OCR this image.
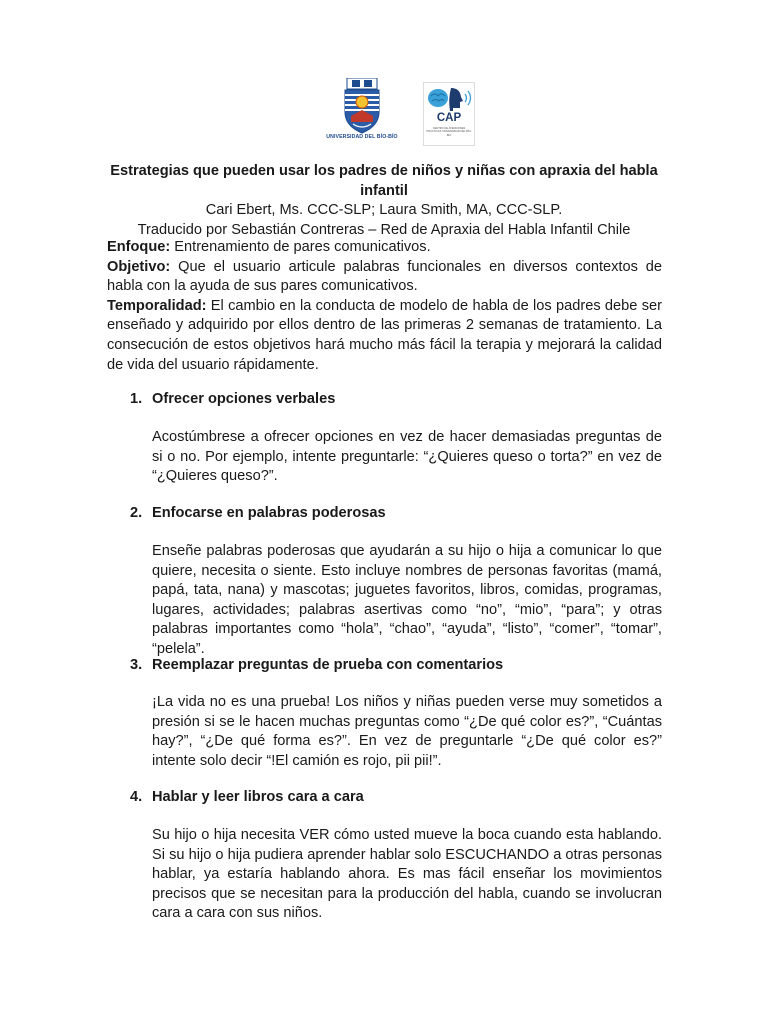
UNIVERSIDAD DEL BÍO-BÍO
CAP
CENTRO DE ATENCIONES PRÁCTICAS UNIVERSIDAD DEL BÍO-BÍO

Estrategias que pueden usar los padres de niños y niñas con apraxia del habla infantil

Cari Ebert, Ms. CCC-SLP; Laura Smith, MA, CCC-SLP.

Traducido por Sebastián Contreras – Red de Apraxia del Habla Infantil Chile

Enfoque: Entrenamiento de pares comunicativos.

Objetivo: Que el usuario articule palabras funcionales en diversos contextos de habla con la ayuda de sus pares comunicativos.

Temporalidad: El cambio en la conducta de modelo de habla de los padres debe ser enseñado y adquirido por ellos dentro de las primeras 2 semanas de tratamiento. La consecución de estos objetivos hará mucho más fácil la terapia y mejorará la calidad de vida del usuario rápidamente.

1. Ofrecer opciones verbales

Acostúmbrese a ofrecer opciones en vez de hacer demasiadas preguntas de si o no. Por ejemplo, intente preguntarle: “¿Quieres queso o torta?” en vez de “¿Quieres queso?”.

2. Enfocarse en palabras poderosas

Enseñe palabras poderosas que ayudarán a su hijo o hija a comunicar lo que quiere, necesita o siente. Esto incluye nombres de personas favoritas (mamá, papá, tata, nana) y mascotas; juguetes favoritos, libros, comidas, programas, lugares, actividades; palabras asertivas como “no”, “mio”, “para”; y otras palabras importantes como “hola”, “chao”, “ayuda”, “listo”, “comer”, “tomar”, “pelela”.

3. Reemplazar preguntas de prueba con comentarios

¡La vida no es una prueba! Los niños y niñas pueden verse muy sometidos a presión si se le hacen muchas preguntas como “¿De qué color es?”, “Cuántas hay?”, “¿De qué forma es?”. En vez de preguntarle “¿De qué color es?” intente solo decir “!El camión es rojo, pii pii!”.

4. Hablar y leer libros cara a cara

Su hijo o hija necesita VER cómo usted mueve la boca cuando esta hablando. Si su hijo o hija pudiera aprender hablar solo ESCUCHANDO a otras personas hablar, ya estaría hablando ahora. Es mas fácil enseñar los movimientos precisos que se necesitan para la producción del habla, cuando se involucran cara a cara con sus niños.
